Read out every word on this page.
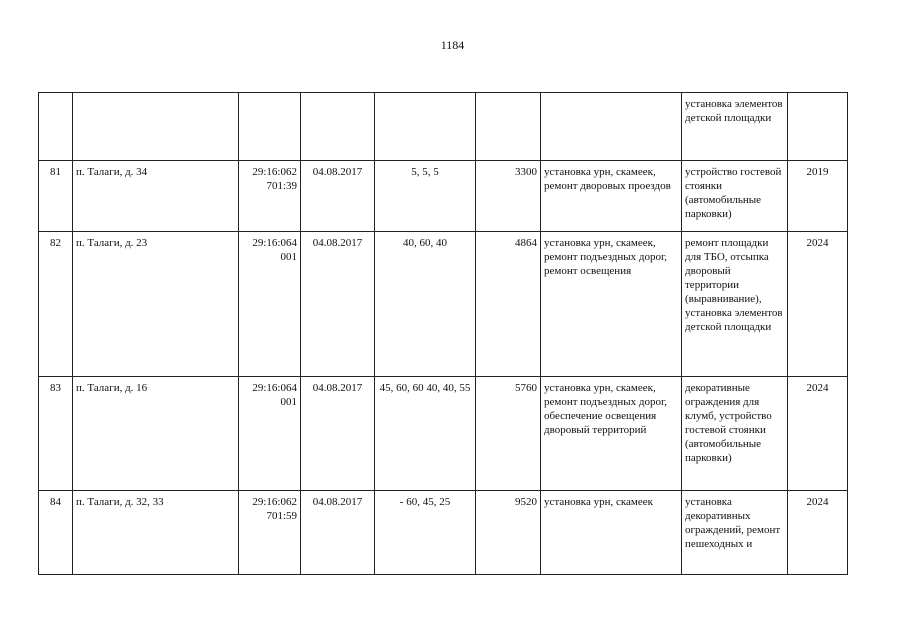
1184
							установка элементов детской площадки	
81	п. Талаги, д. 34	29:16:062 701:39	04.08.2017	5, 5, 5	3300	установка урн, скамеек, ремонт дворовых проездов	устройство гостевой стоянки (автомобильные парковки)	2019
82	п. Талаги, д. 23	29:16:064 001	04.08.2017	40, 60, 40	4864	установка урн, скамеек, ремонт подъездных дорог, ремонт освещения	ремонт площадки для ТБО, отсыпка дворовый территории (выравнивание), установка элементов детской площадки	2024
83	п. Талаги, д. 16	29:16:064 001	04.08.2017	45, 60, 60 40, 40, 55	5760	установка урн, скамеек, ремонт подъездных дорог, обеспечение освещения дворовый территорий	декоративные ограждения для клумб, устройство гостевой стоянки (автомобильные парковки)	2024
84	п. Талаги, д. 32, 33	29:16:062 701:59	04.08.2017	- 60, 45, 25	9520	установка урн, скамеек	установка декоративных ограждений, ремонт пешеходных и	2024
